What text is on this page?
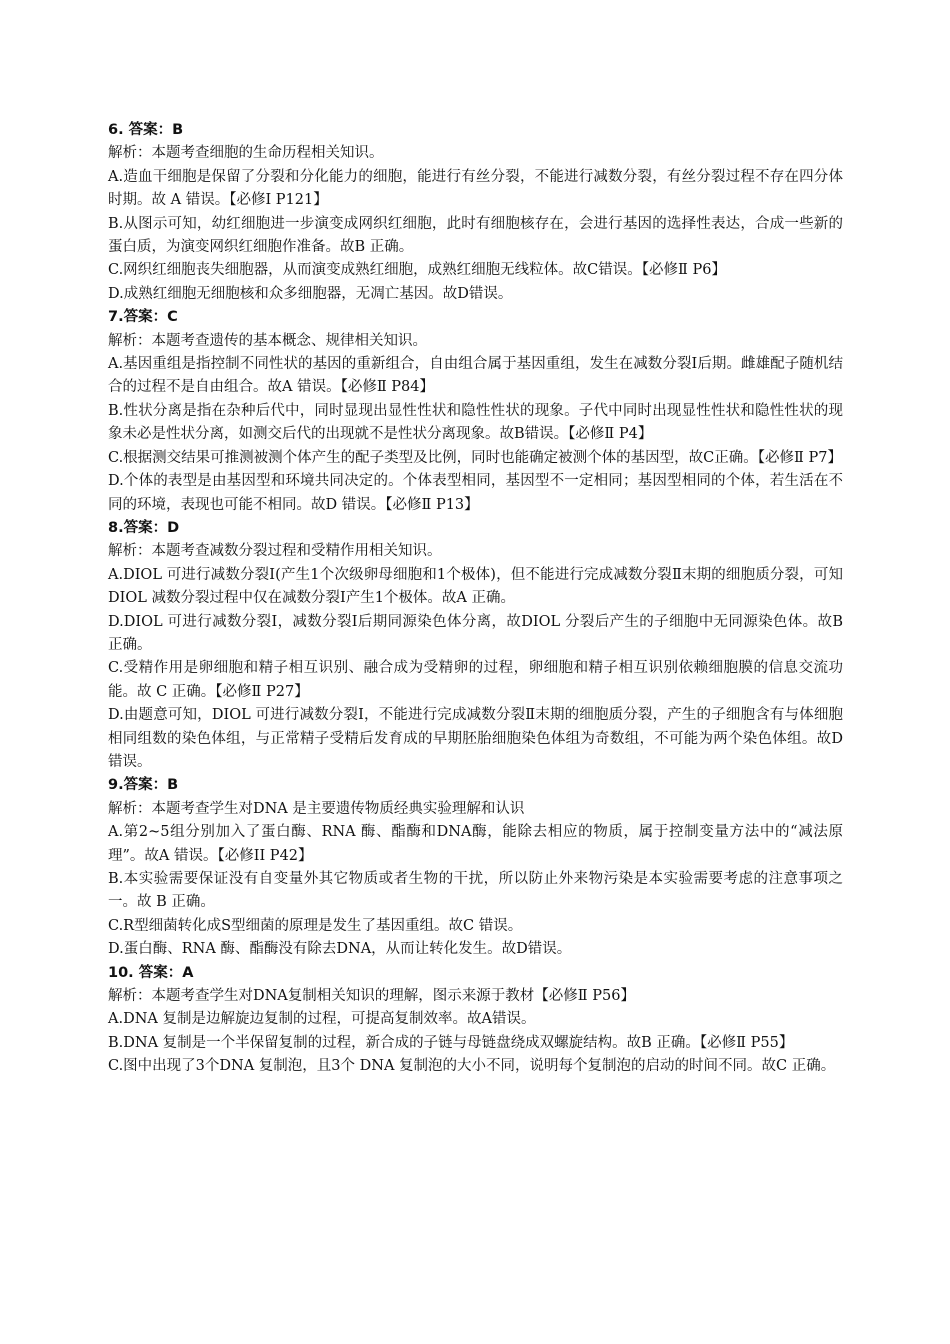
6. 答案：B

解析：本题考查细胞的生命历程相关知识。

A.造血干细胞是保留了分裂和分化能力的细胞，能进行有丝分裂，不能进行减数分裂，有丝分裂过程不存在四分体时期。故 A 错误。【必修Ⅰ P121】

B.从图示可知，幼红细胞进一步演变成网织红细胞，此时有细胞核存在，会进行基因的选择性表达，合成一些新的蛋白质，为演变网织红细胞作准备。故B 正确。

C.网织红细胞丧失细胞器，从而演变成熟红细胞，成熟红细胞无线粒体。故C错误。【必修Ⅱ P6】

D.成熟红细胞无细胞核和众多细胞器，无凋亡基因。故D错误。

7.答案：C

解析：本题考查遗传的基本概念、规律相关知识。

A.基因重组是指控制不同性状的基因的重新组合，自由组合属于基因重组，发生在减数分裂Ⅰ后期。雌雄配子随机结合的过程不是自由组合。故A 错误。【必修Ⅱ P84】

B.性状分离是指在杂种后代中，同时显现出显性性状和隐性性状的现象。子代中同时出现显性性状和隐性性状的现象未必是性状分离，如测交后代的出现就不是性状分离现象。故B错误。【必修Ⅱ P4】

C.根据测交结果可推测被测个体产生的配子类型及比例，同时也能确定被测个体的基因型，故C正确。【必修Ⅱ P7】

D.个体的表型是由基因型和环境共同决定的。个体表型相同，基因型不一定相同；基因型相同的个体，若生活在不同的环境，表现也可能不相同。故D 错误。【必修Ⅱ P13】

8.答案：D

解析：本题考查减数分裂过程和受精作用相关知识。

A.DIOL 可进行减数分裂Ⅰ(产生1个次级卵母细胞和1个极体)，但不能进行完成减数分裂Ⅱ末期的细胞质分裂，可知DIOL 减数分裂过程中仅在减数分裂Ⅰ产生1个极体。故A 正确。

D.DIOL 可进行减数分裂Ⅰ，减数分裂Ⅰ后期同源染色体分离，故DIOL 分裂后产生的子细胞中无同源染色体。故B 正确。

C.受精作用是卵细胞和精子相互识别、融合成为受精卵的过程，卵细胞和精子相互识别依赖细胞膜的信息交流功能。故 C 正确。【必修Ⅱ P27】

D.由题意可知，DIOL 可进行减数分裂Ⅰ，不能进行完成减数分裂Ⅱ末期的细胞质分裂，产生的子细胞含有与体细胞相同组数的染色体组，与正常精子受精后发育成的早期胚胎细胞染色体组为奇数组，不可能为两个染色体组。故D 错误。

9.答案：B

解析：本题考查学生对DNA 是主要遗传物质经典实验理解和认识

A.第2~5组分别加入了蛋白酶、RNA 酶、酯酶和DNA酶，能除去相应的物质，属于控制变量方法中的“减法原理”。故A 错误。【必修II P42】

B.本实验需要保证没有自变量外其它物质或者生物的干扰，所以防止外来物污染是本实验需要考虑的注意事项之一。故 B 正确。

C.R型细菌转化成S型细菌的原理是发生了基因重组。故C 错误。

D.蛋白酶、RNA 酶、酯酶没有除去DNA，从而让转化发生。故D错误。

10. 答案：A

解析：本题考查学生对DNA复制相关知识的理解，图示来源于教材【必修Ⅱ P56】

A.DNA 复制是边解旋边复制的过程，可提高复制效率。故A错误。

B.DNA 复制是一个半保留复制的过程，新合成的子链与母链盘绕成双螺旋结构。故B 正确。【必修Ⅱ P55】

C.图中出现了3个DNA 复制泡，且3个 DNA 复制泡的大小不同，说明每个复制泡的启动的时间不同。故C 正确。
